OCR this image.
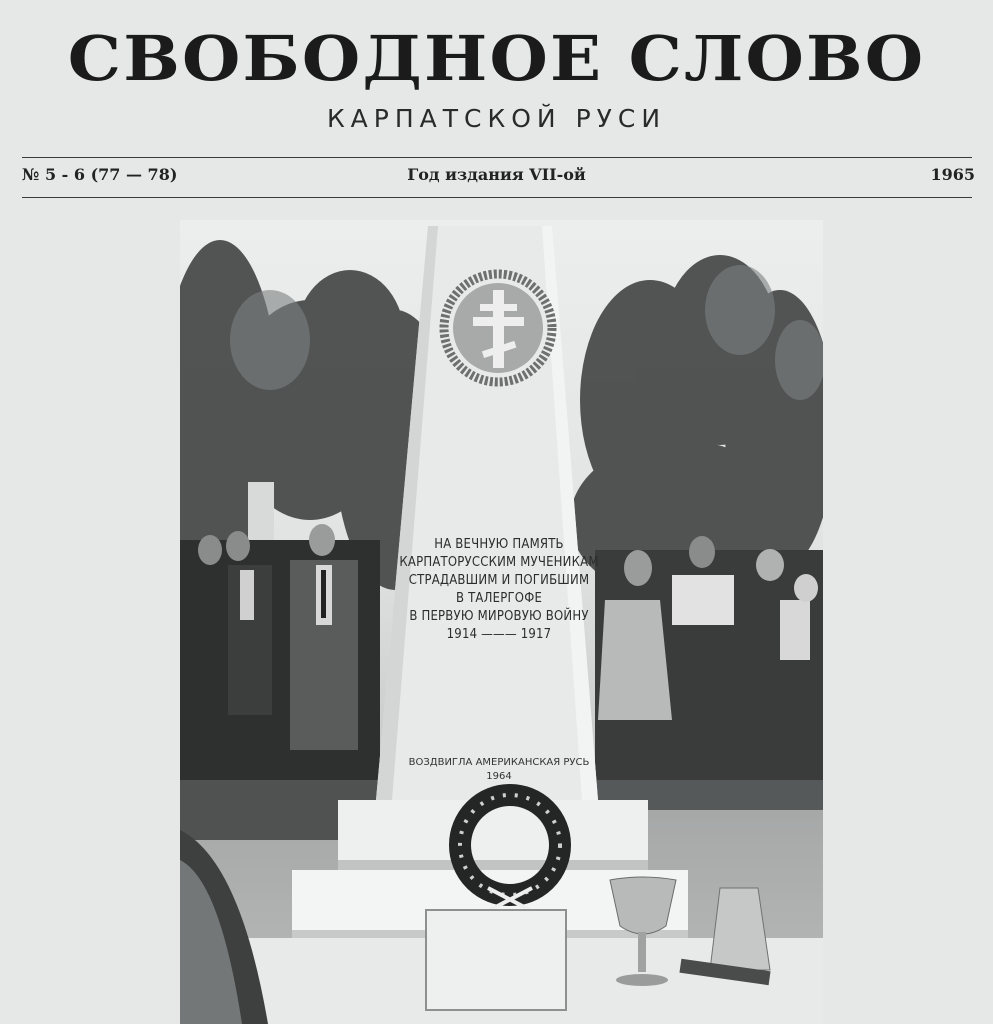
СВОБОДНОЕ СЛОВО
КАРПАТСКОЙ РУСИ
№ 5 - 6 (77 — 78)	Год издания VII-ой	1965
НА ВЕЧНУЮ ПАМЯТЬ
КАРПАТОРУССКИМ МУЧЕНИКАМ
СТРАДАВШИМ И ПОГИБШИМ
В ТАЛЕРГОФЕ
В ПЕРВУЮ МИРОВУЮ ВОЙНУ
1914 ——— 1917
ВОЗДВИГЛА АМЕРИКАНСКАЯ РУСЬ
1964
